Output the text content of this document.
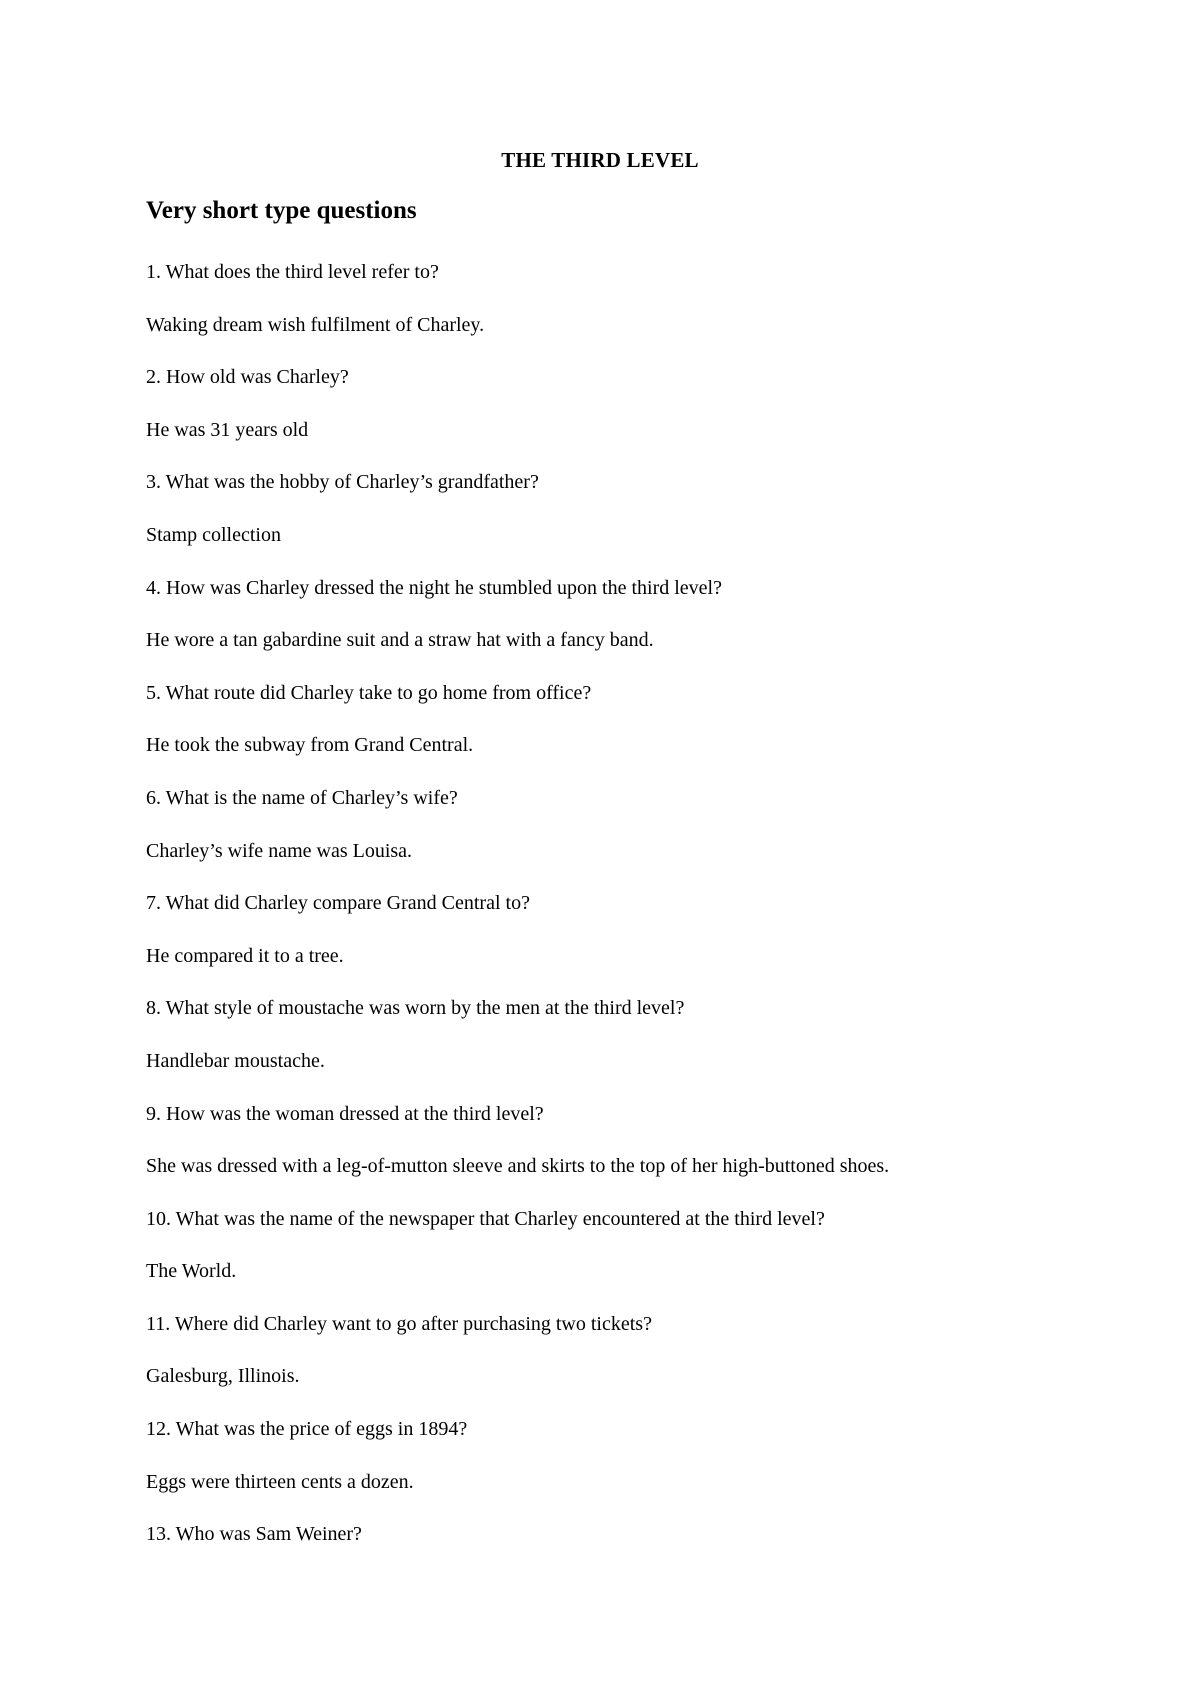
THE THIRD LEVEL
Very short type questions
1. What does the third level refer to?
Waking dream wish fulfilment of Charley.
2. How old was Charley?
He was 31 years old
3. What was the hobby of Charley’s grandfather?
Stamp collection
4. How was Charley dressed the night he stumbled upon the third level?
He wore a tan gabardine suit and a straw hat with a fancy band.
5. What route did Charley take to go home from office?
He took the subway from Grand Central.
6. What is the name of Charley’s wife?
Charley’s wife name was Louisa.
7. What did Charley compare Grand Central to?
He compared it to a tree.
8. What style of moustache was worn by the men at the third level?
Handlebar moustache.
9. How was the woman dressed at the third level?
She was dressed with a leg-of-mutton sleeve and skirts to the top of her high-buttoned shoes.
10. What was the name of the newspaper that Charley encountered at the third level?
The World.
11. Where did Charley want to go after purchasing two tickets?
Galesburg, Illinois.
12. What was the price of eggs in 1894?
Eggs were thirteen cents a dozen.
13. Who was Sam Weiner?
